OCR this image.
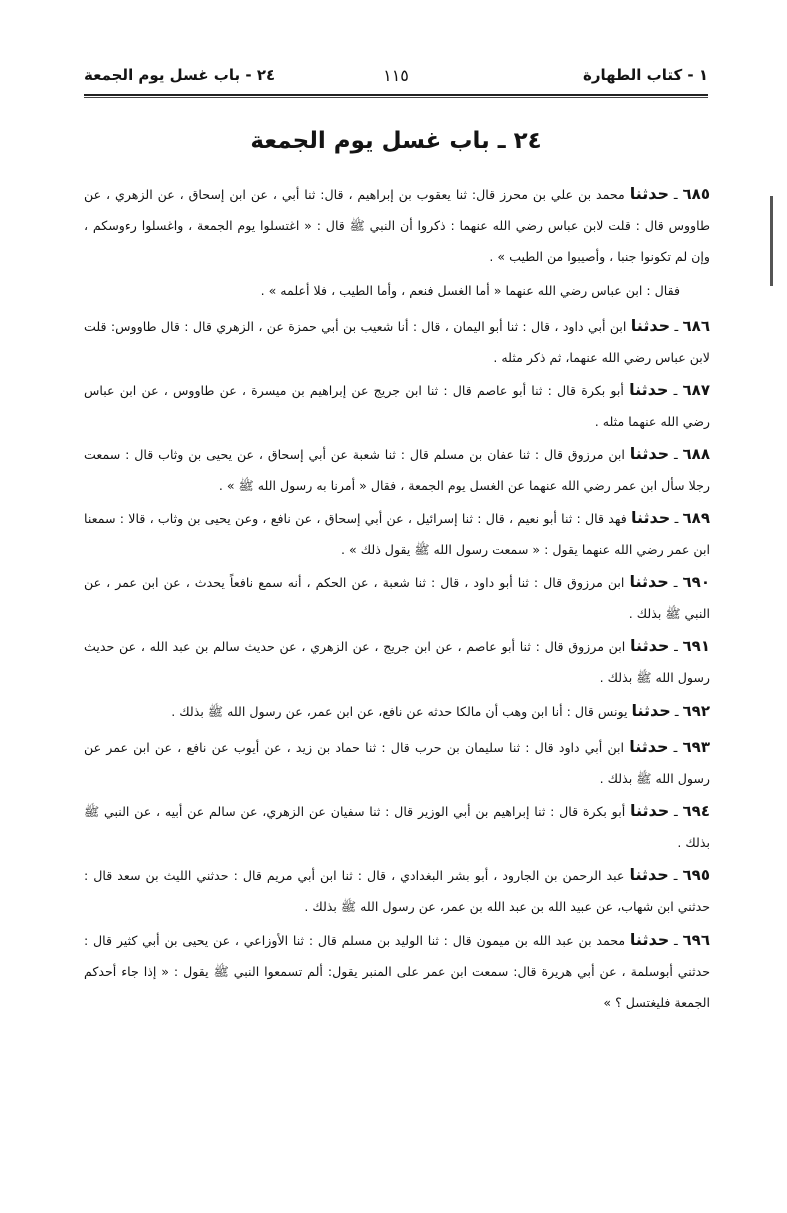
١ - كتاب الطهارة
١١٥
٢٤ - باب غسل يوم الجمعة
٢٤ ـ باب غسل يوم الجمعة

٦٨٥ ـ حدثنا محمد بن علي بن محرز قال: ثنا يعقوب بن إبراهيم ، قال: ثنا أبي ، عن ابن إسحاق ، عن الزهري ، عن طاووس قال : قلت لابن عباس رضي الله عنهما : ذكروا أن النبي ﷺ قال : « اغتسلوا يوم الجمعة ، واغسلوا رءوسكم ، وإن لم تكونوا جنبا ، وأصيبوا من الطيب » .

فقال : ابن عباس رضي الله عنهما « أما الغسل فنعم ، وأما الطيب ، فلا أعلمه » .

٦٨٦ ـ حدثنا ابن أبي داود ، قال : ثنا أبو اليمان ، قال : أنا شعيب بن أبي حمزة عن ، الزهري قال : قال طاووس: قلت لابن عباس رضي الله عنهما، ثم ذكر مثله .

٦٨٧ ـ حدثنا أبو بكرة قال : ثنا أبو عاصم قال : ثنا ابن جريج عن إبراهيم بن ميسرة ، عن طاووس ، عن ابن عباس رضي الله عنهما مثله .

٦٨٨ ـ حدثنا ابن مرزوق قال : ثنا عفان بن مسلم قال : ثنا شعبة عن أبي إسحاق ، عن يحيى بن وثاب قال : سمعت رجلا سأل ابن عمر رضي الله عنهما عن الغسل يوم الجمعة ، فقال « أمرنا به رسول الله ﷺ » .

٦٨٩ ـ حدثنا فهد قال : ثنا أبو نعيم ، قال : ثنا إسرائيل ، عن أبي إسحاق ، عن نافع ، وعن يحيى بن وثاب ، قالا : سمعنا ابن عمر رضي الله عنهما يقول : « سمعت رسول الله ﷺ يقول ذلك » .

٦٩٠ ـ حدثنا ابن مرزوق قال : ثنا أبو داود ، قال : ثنا شعبة ، عن الحكم ، أنه سمع نافعاً يحدث ، عن ابن عمر ، عن النبي ﷺ بذلك .

٦٩١ ـ حدثنا ابن مرزوق قال : ثنا أبو عاصم ، عن ابن جريج ، عن الزهري ، عن حديث سالم بن عبد الله ، عن حديث رسول الله ﷺ بذلك .

٦٩٢ ـ حدثنا يونس قال : أنا ابن وهب أن مالكا حدثه عن نافع، عن ابن عمر، عن رسول الله ﷺ بذلك .

٦٩٣ ـ حدثنا ابن أبي داود قال : ثنا سليمان بن حرب قال : ثنا حماد بن زيد ، عن أيوب عن نافع ، عن ابن عمر عن رسول الله ﷺ بذلك .

٦٩٤ ـ حدثنا أبو بكرة قال : ثنا إبراهيم بن أبي الوزير قال : ثنا سفيان عن الزهري، عن سالم عن أبيه ، عن النبي ﷺ بذلك .

٦٩٥ ـ حدثنا عبد الرحمن بن الجارود ، أبو بشر البغدادي ، قال : ثنا ابن أبي مريم قال : حدثني الليث بن سعد قال : حدثني ابن شهاب، عن عبيد الله بن عبد الله بن عمر، عن رسول الله ﷺ بذلك .

٦٩٦ ـ حدثنا محمد بن عبد الله بن ميمون قال : ثنا الوليد بن مسلم قال : ثنا الأوزاعي ، عن يحيى بن أبي كثير قال : حدثني أبوسلمة ، عن أبي هريرة قال: سمعت ابن عمر على المنبر يقول: ألم تسمعوا النبي ﷺ يقول : « إذا جاء أحدكم الجمعة فليغتسل ؟ »
